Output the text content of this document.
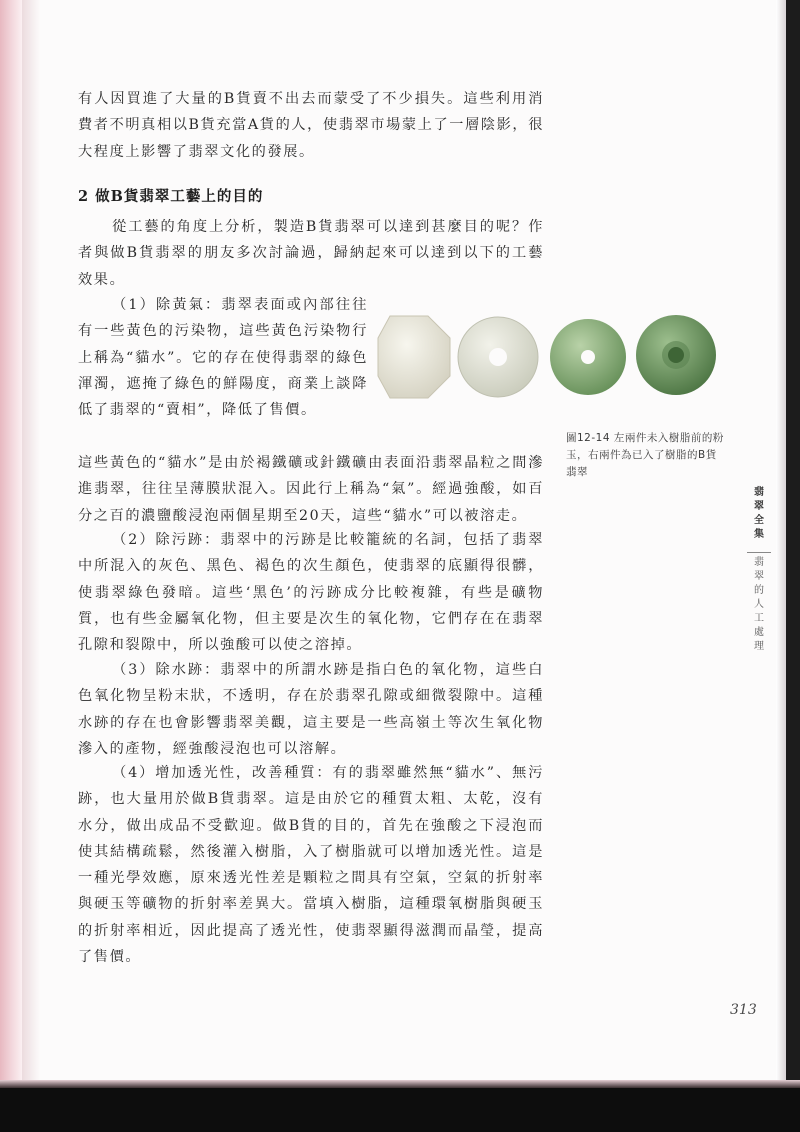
有人因買進了大量的B貨賣不出去而蒙受了不少損失。這些利用消費者不明真相以B貨充當A貨的人，使翡翠市場蒙上了一層陰影，很大程度上影響了翡翠文化的發展。

2 做B貨翡翠工藝上的目的

從工藝的角度上分析，製造B貨翡翠可以達到甚麼目的呢？作者與做B貨翡翠的朋友多次討論過，歸納起來可以達到以下的工藝效果。

（1）除黃氣：翡翠表面或內部往往有一些黃色的污染物，這些黃色污染物行上稱為“貓水”。它的存在使得翡翠的綠色渾濁，遮掩了綠色的鮮陽度，商業上談降低了翡翠的“賣相”，降低了售價。

這些黃色的“貓水”是由於褐鐵礦或針鐵礦由表面沿翡翠晶粒之間滲進翡翠，往往呈薄膜狀混入。因此行上稱為“氣”。經過強酸，如百分之百的濃鹽酸浸泡兩個星期至20天，這些“貓水”可以被溶走。

（2）除污跡：翡翠中的污跡是比較籠統的名詞，包括了翡翠中所混入的灰色、黑色、褐色的次生顏色，使翡翠的底顯得很髒，使翡翠綠色發暗。這些‘黑色’的污跡成分比較複雜，有些是礦物質，也有些金屬氧化物，但主要是次生的氧化物，它們存在在翡翠孔隙和裂隙中，所以強酸可以使之溶掉。

（3）除水跡：翡翠中的所謂水跡是指白色的氧化物，這些白色氧化物呈粉末狀，不透明，存在於翡翠孔隙或細微裂隙中。這種水跡的存在也會影響翡翠美觀，這主要是一些高嶺土等次生氧化物滲入的產物，經強酸浸泡也可以溶解。

（4）增加透光性，改善種質：有的翡翠雖然無“貓水”、無污跡，也大量用於做B貨翡翠。這是由於它的種質太粗、太乾，沒有水分，做出成品不受歡迎。做B貨的目的，首先在強酸之下浸泡而使其結構疏鬆，然後灌入樹脂，入了樹脂就可以增加透光性。這是一種光學效應，原來透光性差是顆粒之間具有空氣，空氣的折射率與硬玉等礦物的折射率差異大。當填入樹脂，這種環氧樹脂與硬玉的折射率相近，因此提高了透光性，使翡翠顯得滋潤而晶瑩，提高了售價。

圖12-14 左兩件未入樹脂前的粉玉，右兩件為已入了樹脂的B貨翡翠
翡翠全集
翡翠的人工處理
313
